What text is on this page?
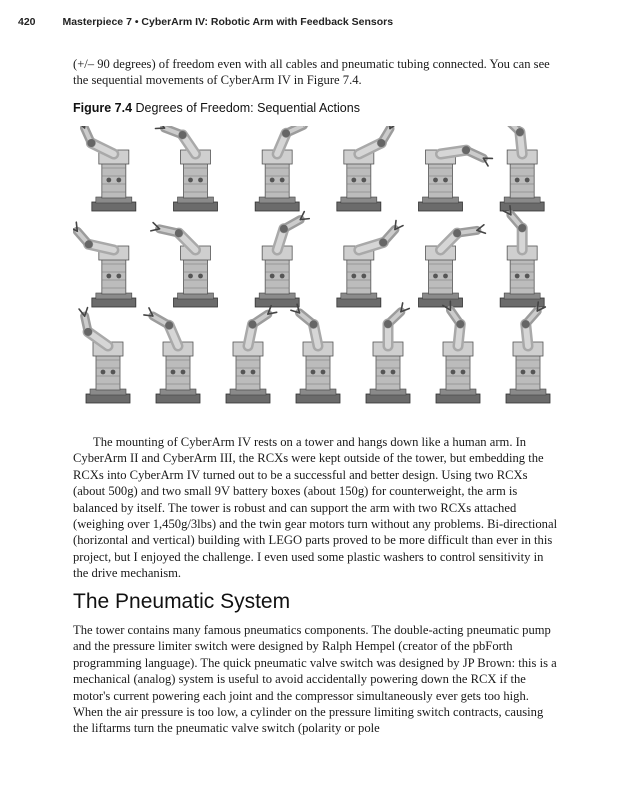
420	Masterpiece 7 • CyberArm IV: Robotic Arm with Feedback Sensors

(+/– 90 degrees) of freedom even with all cables and pneumatic tubing connected. You can see the sequential movements of CyberArm IV in Figure 7.4.

Figure 7.4 Degrees of Freedom: Sequential Actions

The mounting of CyberArm IV rests on a tower and hangs down like a human arm. In CyberArm II and CyberArm III, the RCXs were kept outside of the tower, but embedding the RCXs into CyberArm IV turned out to be a successful and better design. Using two RCXs (about 500g) and two small 9V battery boxes (about 150g) for counterweight, the arm is balanced by itself. The tower is robust and can support the arm with two RCXs attached (weighing over 1,450g/3lbs) and the twin gear motors turn without any problems. Bi-directional (horizontal and vertical) building with LEGO parts proved to be more difficult than ever in this project, but I enjoyed the challenge. I even used some plastic washers to control sensitivity in the drive mechanism.

The Pneumatic System

The tower contains many famous pneumatics components. The double-acting pneumatic pump and the pressure limiter switch were designed by Ralph Hempel (creator of the pbForth programming language). The quick pneumatic valve switch was designed by JP Brown: this is a mechanical (analog) system is useful to avoid accidentally powering down the RCX if the motor's current powering each joint and the compressor simultaneously ever gets too high. When the air pressure is too low, a cylinder on the pressure limiting switch contracts, causing the liftarms turn the pneumatic valve switch (polarity or pole
